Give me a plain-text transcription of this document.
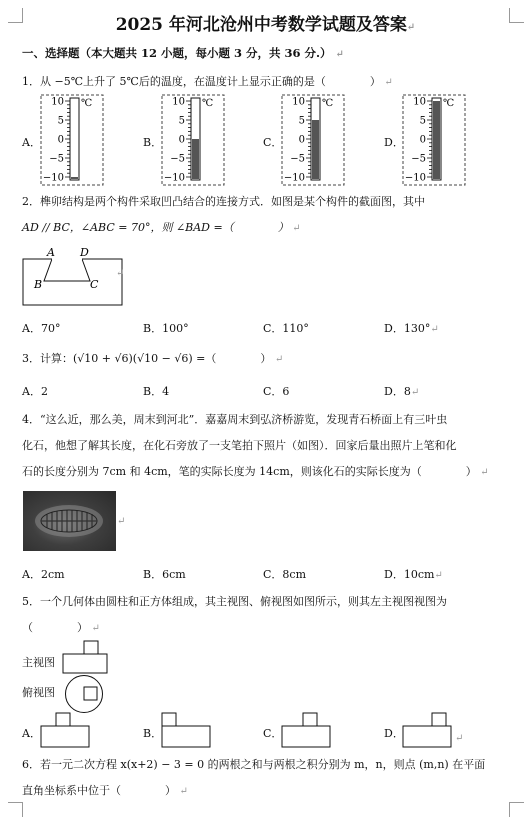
2025 年河北沧州中考数学试题及答案↵
一、选择题（本大题共 12 小题，每小题 3 分，共 36 分.） ↵
1．从 −5℃上升了 5℃后的温度，在温度计上显示正确的是（　　　　） ↵
A．	B．	C．	D．
10
5
0
−5
−10
℃	10
5
0
−5
−10
℃	10
5
0
−5
−10
℃	10
5
0
−5
−10
℃
2．榫卯结构是两个构件采取凹凸结合的连接方式．如图是某个构件的截面图，其中
AD // BC，∠ABC = 70°，则 ∠BAD =（　　　　） ↵
A D
B	C
↵
A．70°	B．100°	C．110°	D．130°↵
3．计算：(√10 + √6)(√10 − √6) =（　　　　） ↵
A．2	B．4	C．6	D．8↵
4．“这么近，那么美，周末到河北”．嘉嘉周末到弘济桥游览，发现青石桥面上有三叶虫
化石，他想了解其长度，在化石旁放了一支笔拍下照片（如图）．回家后量出照片上笔和化
石的长度分别为 7cm 和 4cm，笔的实际长度为 14cm，则该化石的实际长度为（　　　　） ↵
↵
A．2cm	B．6cm	C．8cm	D．10cm↵
5．一个几何体由圆柱和正方体组成，其主视图、俯视图如图所示，则其左主视图视图为
（　　　　） ↵
主视图
俯视图
A．	B．	C．	D．	↵
6．若一元二次方程 x(x+2) − 3 = 0 的两根之和与两根之积分别为 m，n，则点 (m,n) 在平面
直角坐标系中位于（　　　　） ↵
